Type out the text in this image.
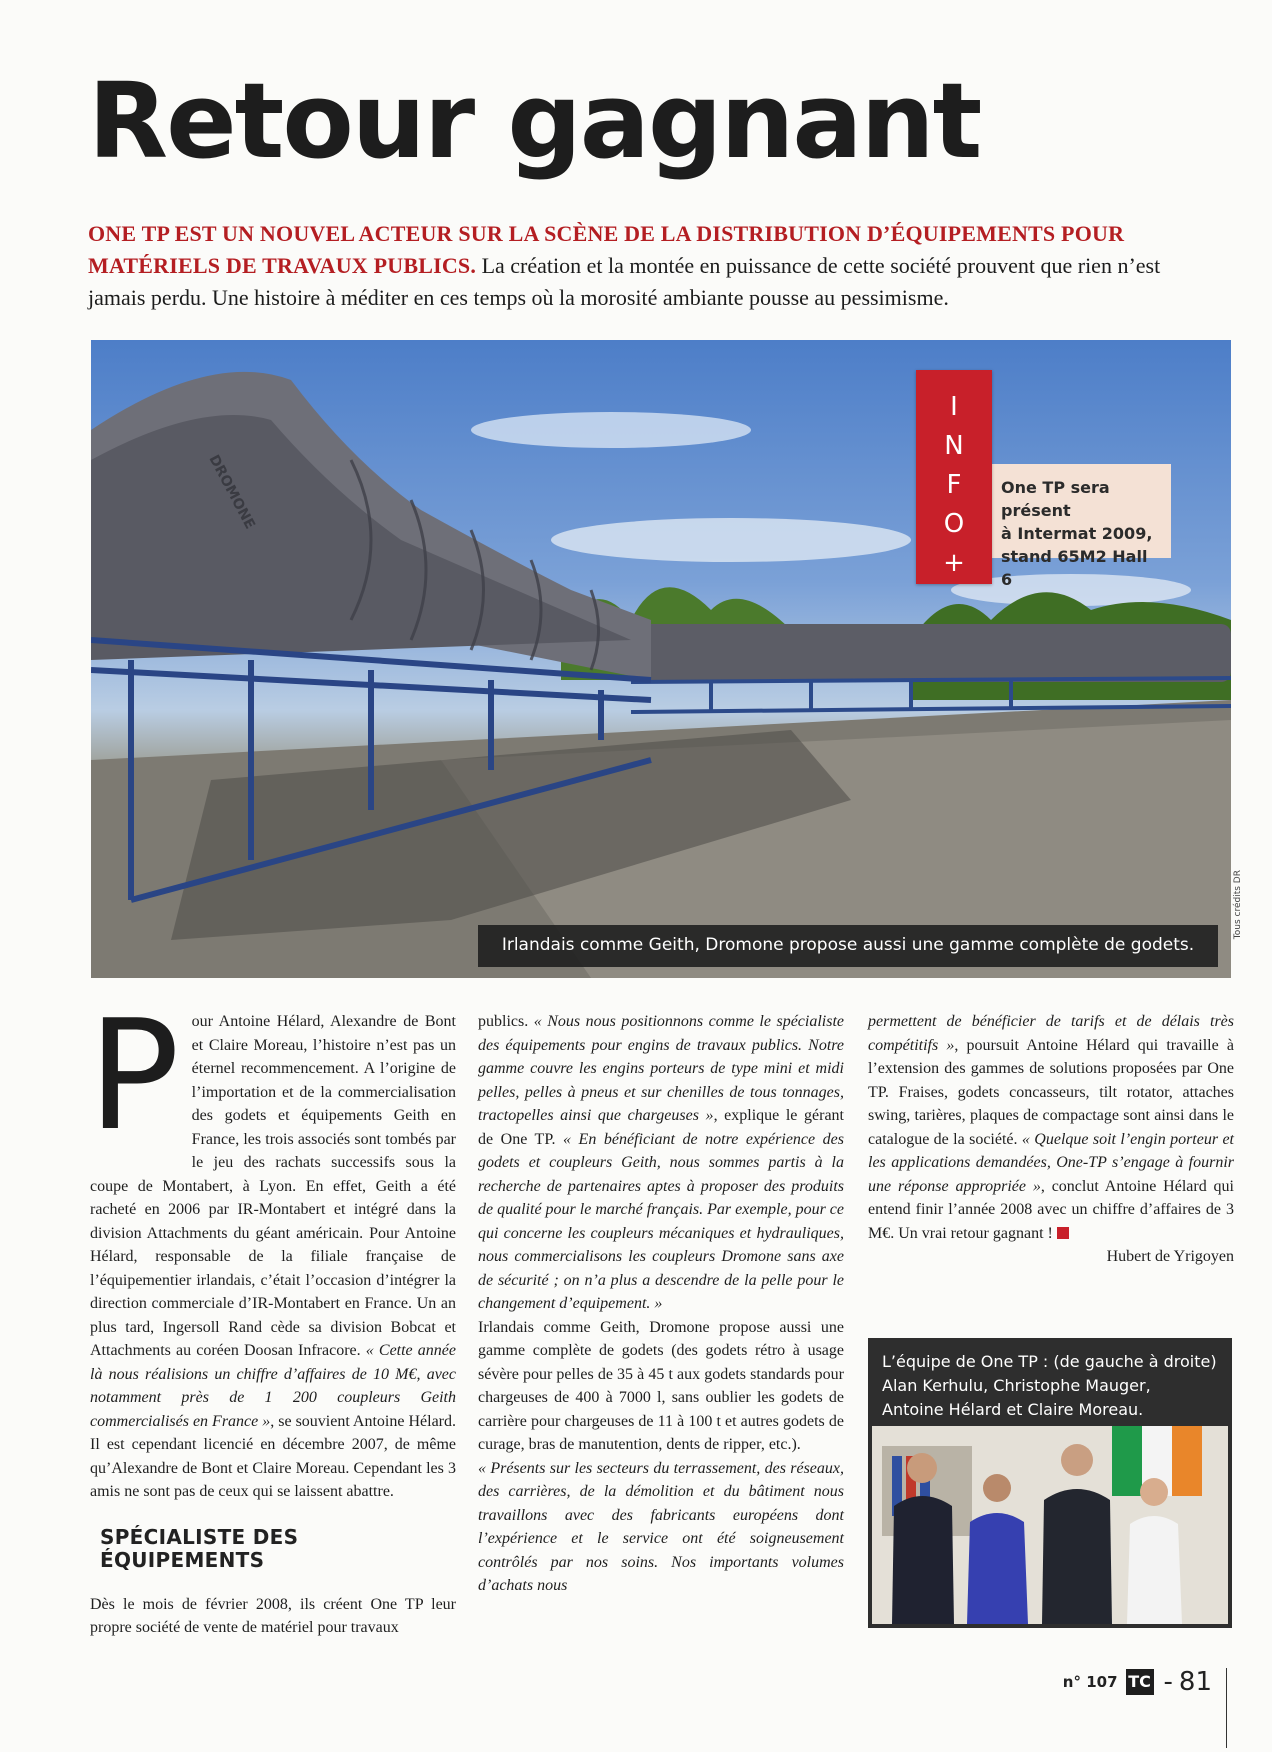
Retour gagnant

ONE TP EST UN NOUVEL ACTEUR SUR LA SCÈNE DE LA DISTRIBUTION D’ÉQUIPEMENTS POUR MATÉRIELS DE TRAVAUX PUBLICS. La création et la montée en puissance de cette société prouvent que rien n’est jamais perdu. Une histoire à méditer en ces temps où la morosité ambiante pousse au pessimisme.

DROMONE	One TP sera présent
à Intermat 2009,
stand 65M2 Hall 6
I
N
F
O
+
Irlandais comme Geith, Dromone propose aussi une gamme complète de godets.
Tous crédits DR
P our Antoine Hélard, Alexandre de Bont et Claire Moreau, l’histoire n’est pas un éternel recommencement. A l’origine de l’importation et de la commercialisation des godets et équipements Geith en France, les trois associés sont tombés par le jeu des rachats successifs sous la coupe de Montabert, à Lyon. En effet, Geith a été racheté en 2006 par IR-Montabert et intégré dans la division Attachments du géant américain. Pour Antoine Hélard, responsable de la filiale française de l’équipementier irlandais, c’était l’occasion d’intégrer la direction commerciale d’IR-Montabert en France. Un an plus tard, Ingersoll Rand cède sa division Bobcat et Attachments au coréen Doosan Infracore. « Cette année là nous réalisions un chiffre d’affaires de 10 M€, avec notamment près de 1 200 coupleurs Geith commercialisés en France », se souvient Antoine Hélard. Il est cependant licencié en décembre 2007, de même qu’Alexandre de Bont et Claire Moreau. Cependant les 3 amis ne sont pas de ceux qui se laissent abattre.

SPÉCIALISTE DES ÉQUIPEMENTS

Dès le mois de février 2008, ils créent One TP leur propre société de vente de matériel pour travaux

publics. « Nous nous positionnons comme le spécialiste des équipements pour engins de travaux publics. Notre gamme couvre les engins porteurs de type mini et midi pelles, pelles à pneus et sur chenilles de tous tonnages, tractopelles ainsi que chargeuses », explique le gérant de One TP. « En bénéficiant de notre expérience des godets et coupleurs Geith, nous sommes partis à la recherche de partenaires aptes à proposer des produits de qualité pour le marché français. Par exemple, pour ce qui concerne les coupleurs mécaniques et hydrauliques, nous commercialisons les coupleurs Dromone sans axe de sécurité ; on n’a plus a descendre de la pelle pour le changement d’equipement. »

Irlandais comme Geith, Dromone propose aussi une gamme complète de godets (des godets rétro à usage sévère pour pelles de 35 à 45 t aux godets standards pour chargeuses de 400 à 7000 l, sans oublier les godets de carrière pour chargeuses de 11 à 100 t et autres godets de curage, bras de manutention, dents de ripper, etc.).

« Présents sur les secteurs du terrassement, des réseaux, des carrières, de la démolition et du bâtiment nous travaillons avec des fabricants européens dont l’expérience et le service ont été soigneusement contrôlés par nos soins. Nos importants volumes d’achats nous

permettent de bénéficier de tarifs et de délais très compétitifs », poursuit Antoine Hélard qui travaille à l’extension des gammes de solutions proposées par One TP. Fraises, godets concasseurs, tilt rotator, attaches swing, tarières, plaques de compactage sont ainsi dans le catalogue de la société. « Quelque soit l’engin porteur et les applications demandées, One-TP s’engage à fournir une réponse appropriée », conclut Antoine Hélard qui entend finir l’année 2008 avec un chiffre d’affaires de 3 M€. Un vrai retour gagnant !

Hubert de Yrigoyen

L’équipe de One TP : (de gauche à droite)
Alan Kerhulu, Christophe Mauger,
Antoine Hélard et Claire Moreau.
n° 107 TC - 81
